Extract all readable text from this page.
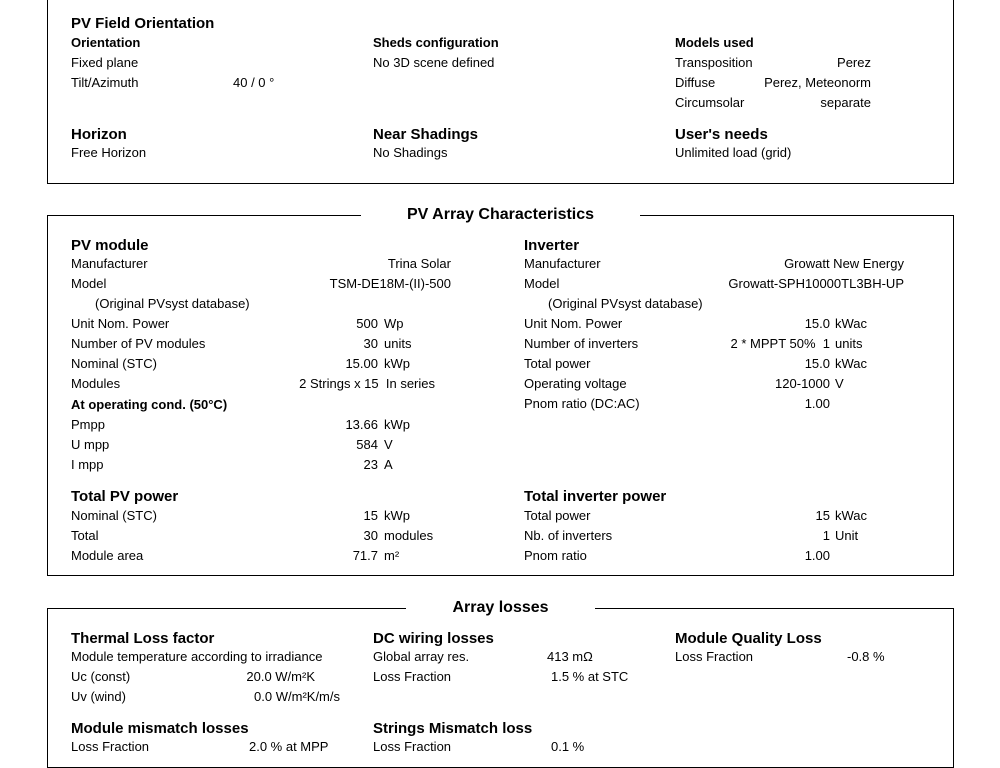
PV Field Orientation
Orientation
Fixed plane
Tilt/Azimuth	40 / 0 °
Sheds configuration
No 3D scene defined
Models used
Transposition	Perez
Diffuse	Perez, Meteonorm
Circumsolar	separate
Horizon
Free Horizon
Near Shadings
No Shadings
User's needs
Unlimited load (grid)
PV Array Characteristics
PV module
Manufacturer	Trina Solar
Model	TSM-DE18M-(II)-500
(Original PVsyst database)
Unit Nom. Power	500 Wp
Number of PV modules	30 units
Nominal (STC)	15.00 kWp
Modules	2 Strings x 15  In series
At operating cond. (50°C)
Pmpp	13.66 kWp
U mpp	584 V
I mpp	23 A
Inverter
Manufacturer	Growatt New Energy
Model	Growatt-SPH10000TL3BH-UP
(Original PVsyst database)
Unit Nom. Power	15.0 kWac
Number of inverters	2 * MPPT 50%  1 units
Total power	15.0 kWac
Operating voltage	120-1000 V
Pnom ratio (DC:AC)	1.00
Total PV power
Nominal (STC)	15 kWp
Total	30 modules
Module area	71.7 m²
Total inverter power
Total power	15 kWac
Nb. of inverters	1 Unit
Pnom ratio	1.00
Array losses
Thermal Loss factor
Module temperature according to irradiance
Uc (const)	20.0 W/m²K
Uv (wind)	0.0 W/m²K/m/s
DC wiring losses
Global array res.	413 mΩ
Loss Fraction	1.5 % at STC
Module Quality Loss
Loss Fraction	-0.8 %
Module mismatch losses
Loss Fraction	2.0 % at MPP
Strings Mismatch loss
Loss Fraction	0.1 %
